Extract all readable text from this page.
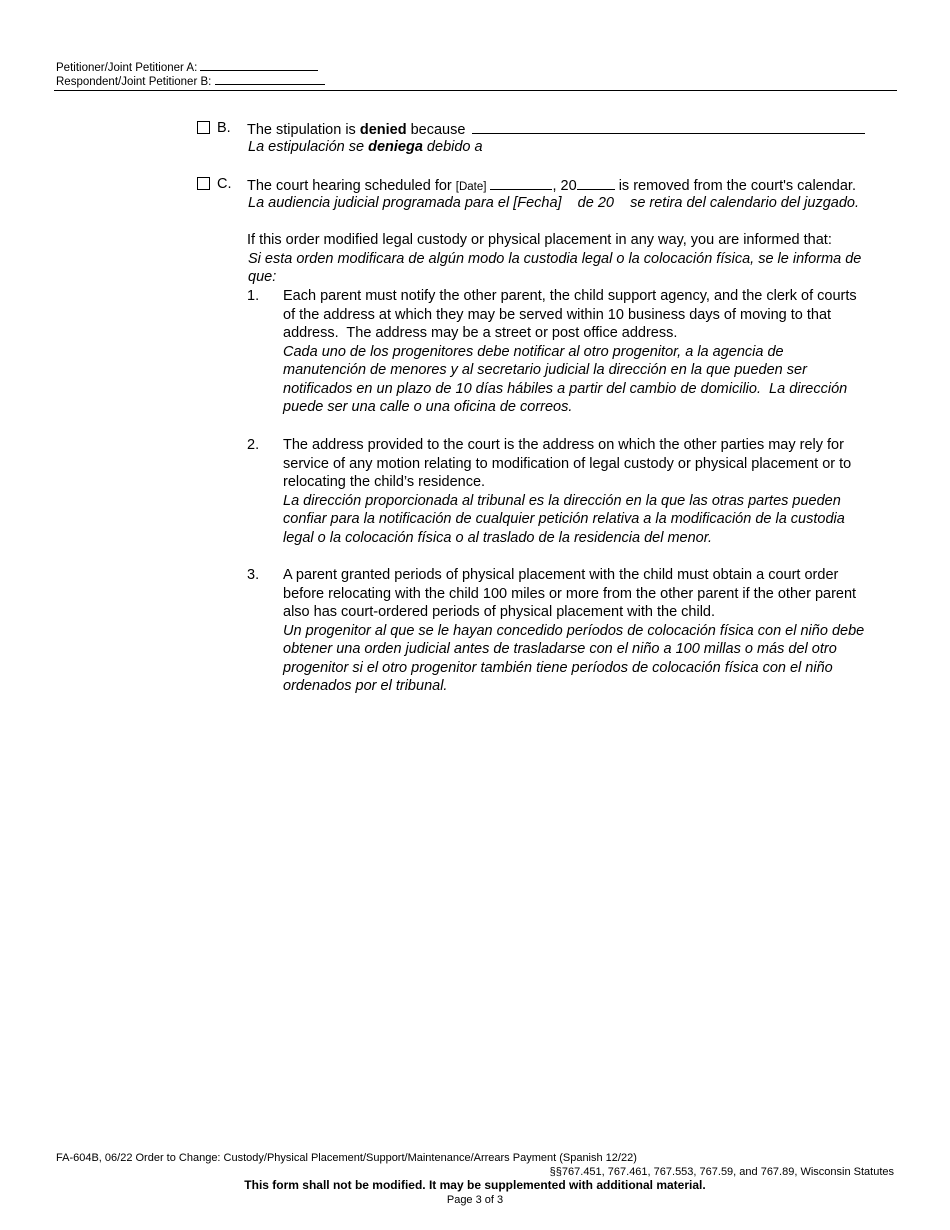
Petitioner/Joint Petitioner A:
Respondent/Joint Petitioner B:
B. The stipulation is denied because
La estipulación se deniega debido a
C. The court hearing scheduled for [Date]	, 20	is removed from the court's calendar.
La audiencia judicial programada para el [Fecha]    de 20    se retira del calendario del juzgado.
If this order modified legal custody or physical placement in any way, you are informed that:
Si esta orden modificara de algún modo la custodia legal o la colocación física, se le informa de
que:
1. Each parent must notify the other parent, the child support agency, and the clerk of courts
of the address at which they may be served within 10 business days of moving to that
address.  The address may be a street or post office address.
Cada uno de los progenitores debe notificar al otro progenitor, a la agencia de
manutención de menores y al secretario judicial la dirección en la que pueden ser
notificados en un plazo de 10 días hábiles a partir del cambio de domicilio.  La dirección
puede ser una calle o una oficina de correos.
2. The address provided to the court is the address on which the other parties may rely for
service of any motion relating to modification of legal custody or physical placement or to
relocating the child’s residence.
La dirección proporcionada al tribunal es la dirección en la que las otras partes pueden
confiar para la notificación de cualquier petición relativa a la modificación de la custodia
legal o la colocación física o al traslado de la residencia del menor.
3. A parent granted periods of physical placement with the child must obtain a court order
before relocating with the child 100 miles or more from the other parent if the other parent
also has court-ordered periods of physical placement with the child.
Un progenitor al que se le hayan concedido períodos de colocación física con el niño debe
obtener una orden judicial antes de trasladarse con el niño a 100 millas o más del otro
progenitor si el otro progenitor también tiene períodos de colocación física con el niño
ordenados por el tribunal.
FA-604B, 06/22 Order to Change: Custody/Physical Placement/Support/Maintenance/Arrears Payment (Spanish 12/22)
§§767.451, 767.461, 767.553, 767.59, and 767.89, Wisconsin Statutes
This form shall not be modified. It may be supplemented with additional material.
Page 3 of 3
